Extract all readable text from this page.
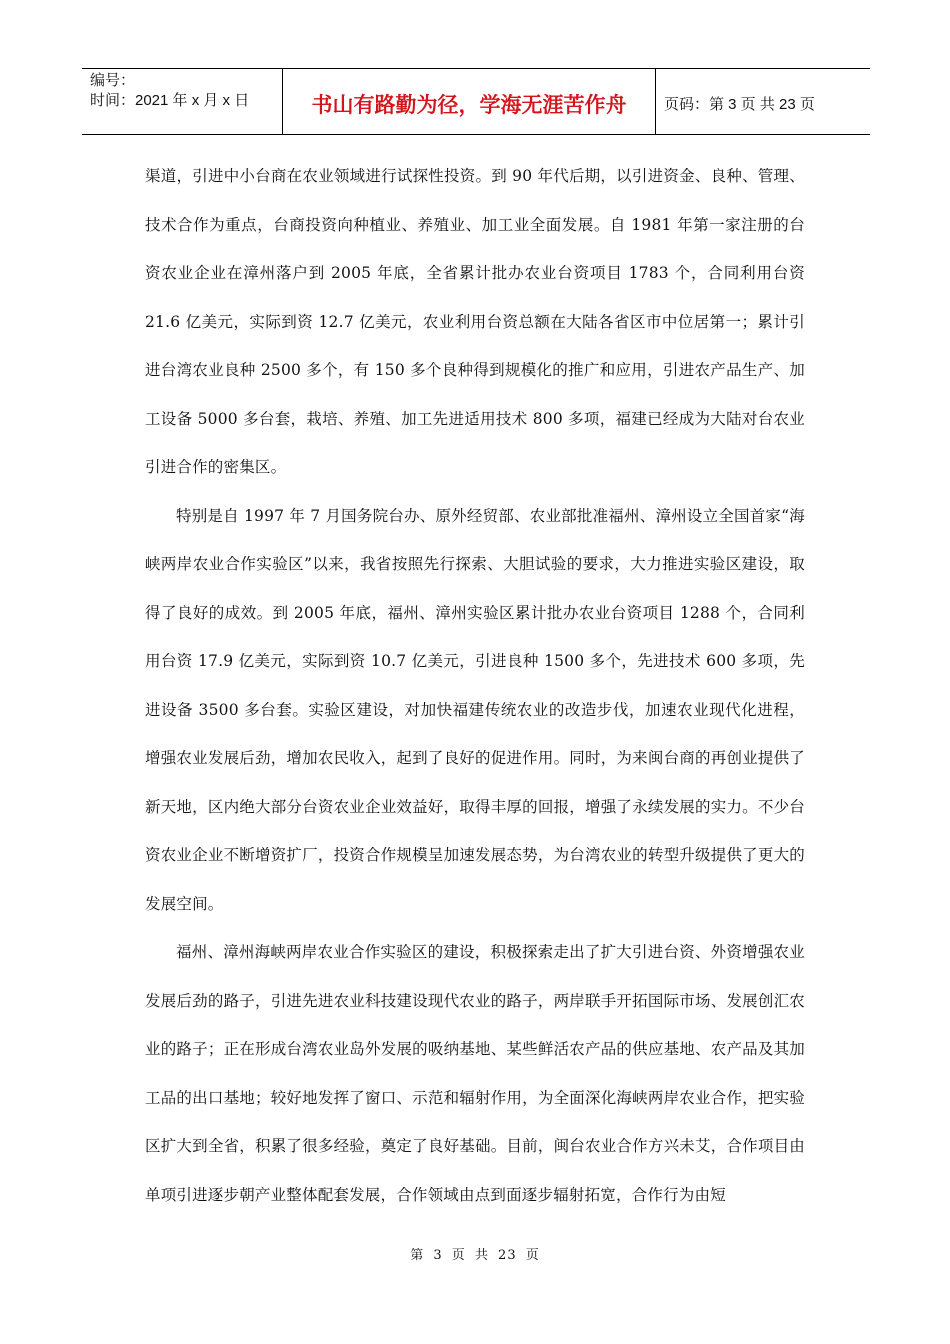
编号：
时间：2021 年 x 月 x 日	书山有路勤为径，学海无涯苦作舟	页码：第 3 页 共 23 页

渠道，引进中小台商在农业领域进行试探性投资。到 90 年代后期，以引进资金、良种、管理、技术合作为重点，台商投资向种植业、养殖业、加工业全面发展。自 1981 年第一家注册的台资农业企业在漳州落户到 2005 年底，全省累计批办农业台资项目 1783 个，合同利用台资 21.6 亿美元，实际到资 12.7 亿美元，农业利用台资总额在大陆各省区市中位居第一；累计引进台湾农业良种 2500 多个，有 150 多个良种得到规模化的推广和应用，引进农产品生产、加工设备 5000 多台套，栽培、养殖、加工先进适用技术 800 多项，福建已经成为大陆对台农业引进合作的密集区。

特别是自 1997 年 7 月国务院台办、原外经贸部、农业部批准福州、漳州设立全国首家“海峡两岸农业合作实验区”以来，我省按照先行探索、大胆试验的要求，大力推进实验区建设，取得了良好的成效。到 2005 年底，福州、漳州实验区累计批办农业台资项目 1288 个，合同利用台资 17.9 亿美元，实际到资 10.7 亿美元，引进良种 1500 多个，先进技术 600 多项，先进设备 3500 多台套。实验区建设，对加快福建传统农业的改造步伐，加速农业现代化进程，增强农业发展后劲，增加农民收入，起到了良好的促进作用。同时，为来闽台商的再创业提供了新天地，区内绝大部分台资农业企业效益好，取得丰厚的回报，增强了永续发展的实力。不少台资农业企业不断增资扩厂，投资合作规模呈加速发展态势，为台湾农业的转型升级提供了更大的发展空间。

福州、漳州海峡两岸农业合作实验区的建设，积极探索走出了扩大引进台资、外资增强农业发展后劲的路子，引进先进农业科技建设现代农业的路子，两岸联手开拓国际市场、发展创汇农业的路子；正在形成台湾农业岛外发展的吸纳基地、某些鲜活农产品的供应基地、农产品及其加工品的出口基地；较好地发挥了窗口、示范和辐射作用，为全面深化海峡两岸农业合作，把实验区扩大到全省，积累了很多经验，奠定了良好基础。目前，闽台农业合作方兴未艾，合作项目由单项引进逐步朝产业整体配套发展，合作领域由点到面逐步辐射拓宽，合作行为由短

第 3 页 共 23 页
